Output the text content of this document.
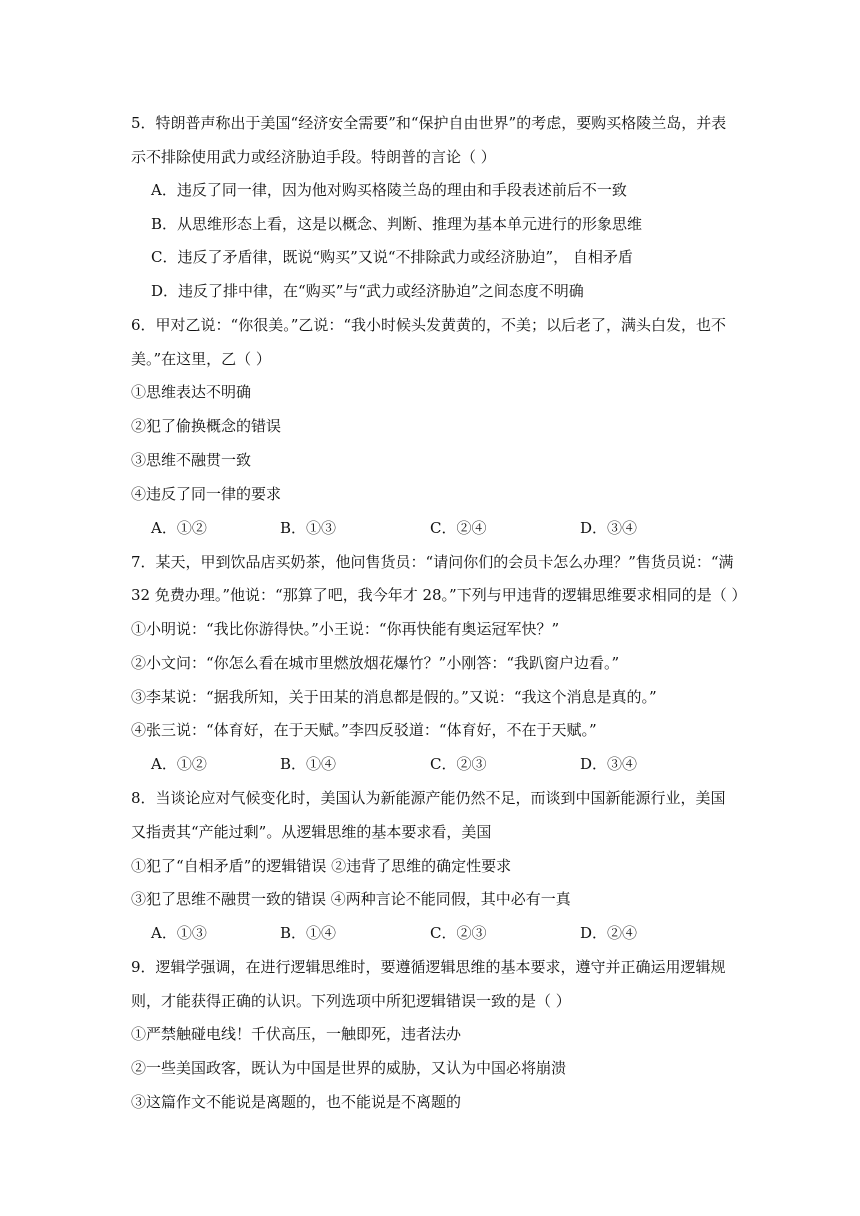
5．特朗普声称出于美国“经济安全需要”和“保护自由世界”的考虑，要购买格陵兰岛，并表
示不排除使用武力或经济胁迫手段。特朗普的言论（ ）
A．违反了同一律，因为他对购买格陵兰岛的理由和手段表述前后不一致
B．从思维形态上看，这是以概念、判断、推理为基本单元进行的形象思维
C．违反了矛盾律，既说“购买”又说“不排除武力或经济胁迫”， 自相矛盾
D．违反了排中律，在“购买”与“武力或经济胁迫”之间态度不明确
6．甲对乙说：“你很美。”乙说：“我小时候头发黄黄的，不美；以后老了，满头白发，也不
美。”在这里，乙（ ）
①思维表达不明确
②犯了偷换概念的错误
③思维不融贯一致
④违反了同一律的要求
A．①②	B．①③	C．②④	D．③④
7．某天，甲到饮品店买奶茶，他问售货员：“请问你们的会员卡怎么办理？”售货员说：“满
32 免费办理。”他说：“那算了吧，我今年才 28。”下列与甲违背的逻辑思维要求相同的是（ ）
①小明说：“我比你游得快。”小王说：“你再快能有奥运冠军快？”
②小文问：“你怎么看在城市里燃放烟花爆竹？”小刚答：“我趴窗户边看。”
③李某说：“据我所知，关于田某的消息都是假的。”又说：“我这个消息是真的。”
④张三说：“体育好，在于天赋。”李四反驳道：“体育好，不在于天赋。”
A．①②	B．①④	C．②③	D．③④
8．当谈论应对气候变化时，美国认为新能源产能仍然不足，而谈到中国新能源行业，美国
又指责其“产能过剩”。从逻辑思维的基本要求看，美国
①犯了“自相矛盾”的逻辑错误 ②违背了思维的确定性要求
③犯了思维不融贯一致的错误 ④两种言论不能同假，其中必有一真
A．①③	B．①④	C．②③	D．②④
9．逻辑学强调，在进行逻辑思维时，要遵循逻辑思维的基本要求，遵守并正确运用逻辑规
则，才能获得正确的认识。下列选项中所犯逻辑错误一致的是（ ）
①严禁触碰电线！千伏高压，一触即死，违者法办
②一些美国政客，既认为中国是世界的威胁，又认为中国必将崩溃
③这篇作文不能说是离题的，也不能说是不离题的
